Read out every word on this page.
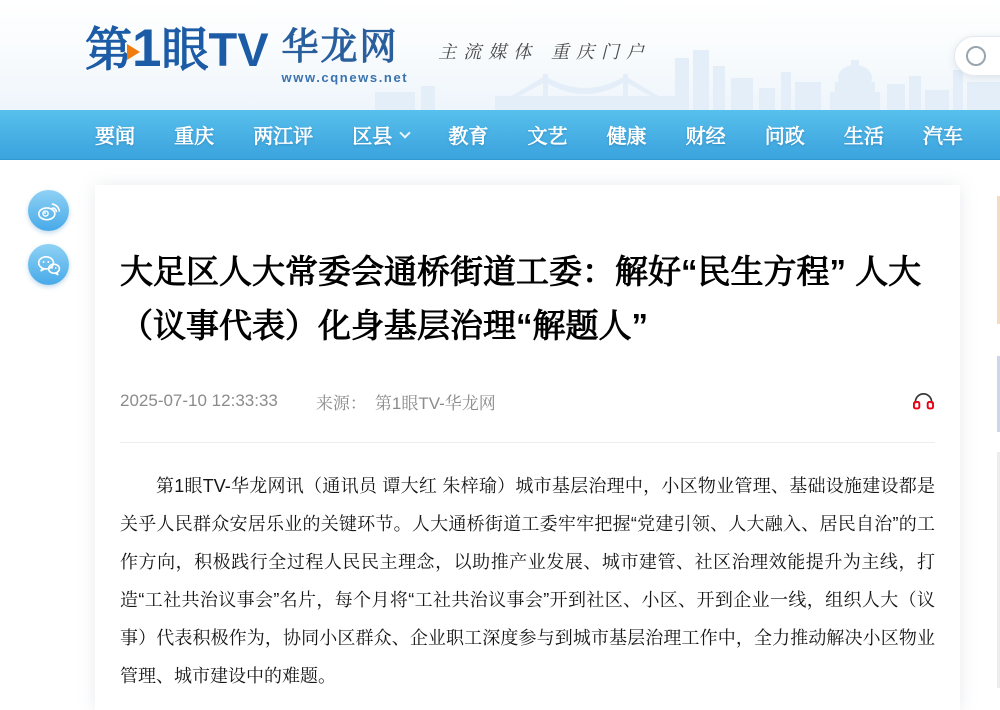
第
1眼TV 华龙网
www.cqnews.net
主流媒体 重庆门户
要闻 重庆 两江评 区县	教育 文艺 健康 财经 问政 生活 汽车
大足区人大常委会通桥街道工委：解好“民生方程” 人大（议事代表）化身基层治理“解题人”
2025-07-10 12:33:33 来源： 第1眼TV-华龙网

第1眼TV-华龙网讯（通讯员 谭大红 朱梓瑜）城市基层治理中，小区物业管理、基础设施建设都是关乎人民群众安居乐业的关键环节。人大通桥街道工委牢牢把握“党建引领、人大融入、居民自治”的工作方向，积极践行全过程人民民主理念，以助推产业发展、城市建管、社区治理效能提升为主线，打造“工社共治议事会”名片，每个月将“工社共治议事会”开到社区、小区、开到企业一线，组织人大（议事）代表积极作为，协同小区群众、企业职工深度参与到城市基层治理工作中，全力推动解决小区物业管理、城市建设中的难题。
